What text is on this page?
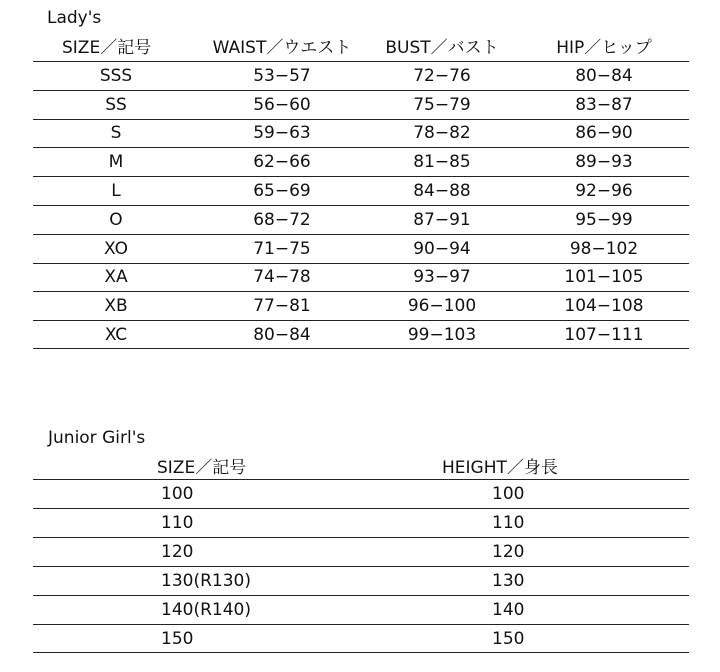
Lady's
SIZE／記号	WAIST／ウエスト	BUST／バスト	HIP／ヒップ
SSS	53−57	72−76	80−84
SS	56−60	75−79	83−87
S	59−63	78−82	86−90
M	62−66	81−85	89−93
L	65−69	84−88	92−96
O	68−72	87−91	95−99
XO	71−75	90−94	98−102
XA	74−78	93−97	101−105
XB	77−81	96−100	104−108
XC	80−84	99−103	107−111
Junior Girl's
SIZE／記号	HEIGHT／身長
100	100
110	110
120	120
130(R130)	130
140(R140)	140
150	150
